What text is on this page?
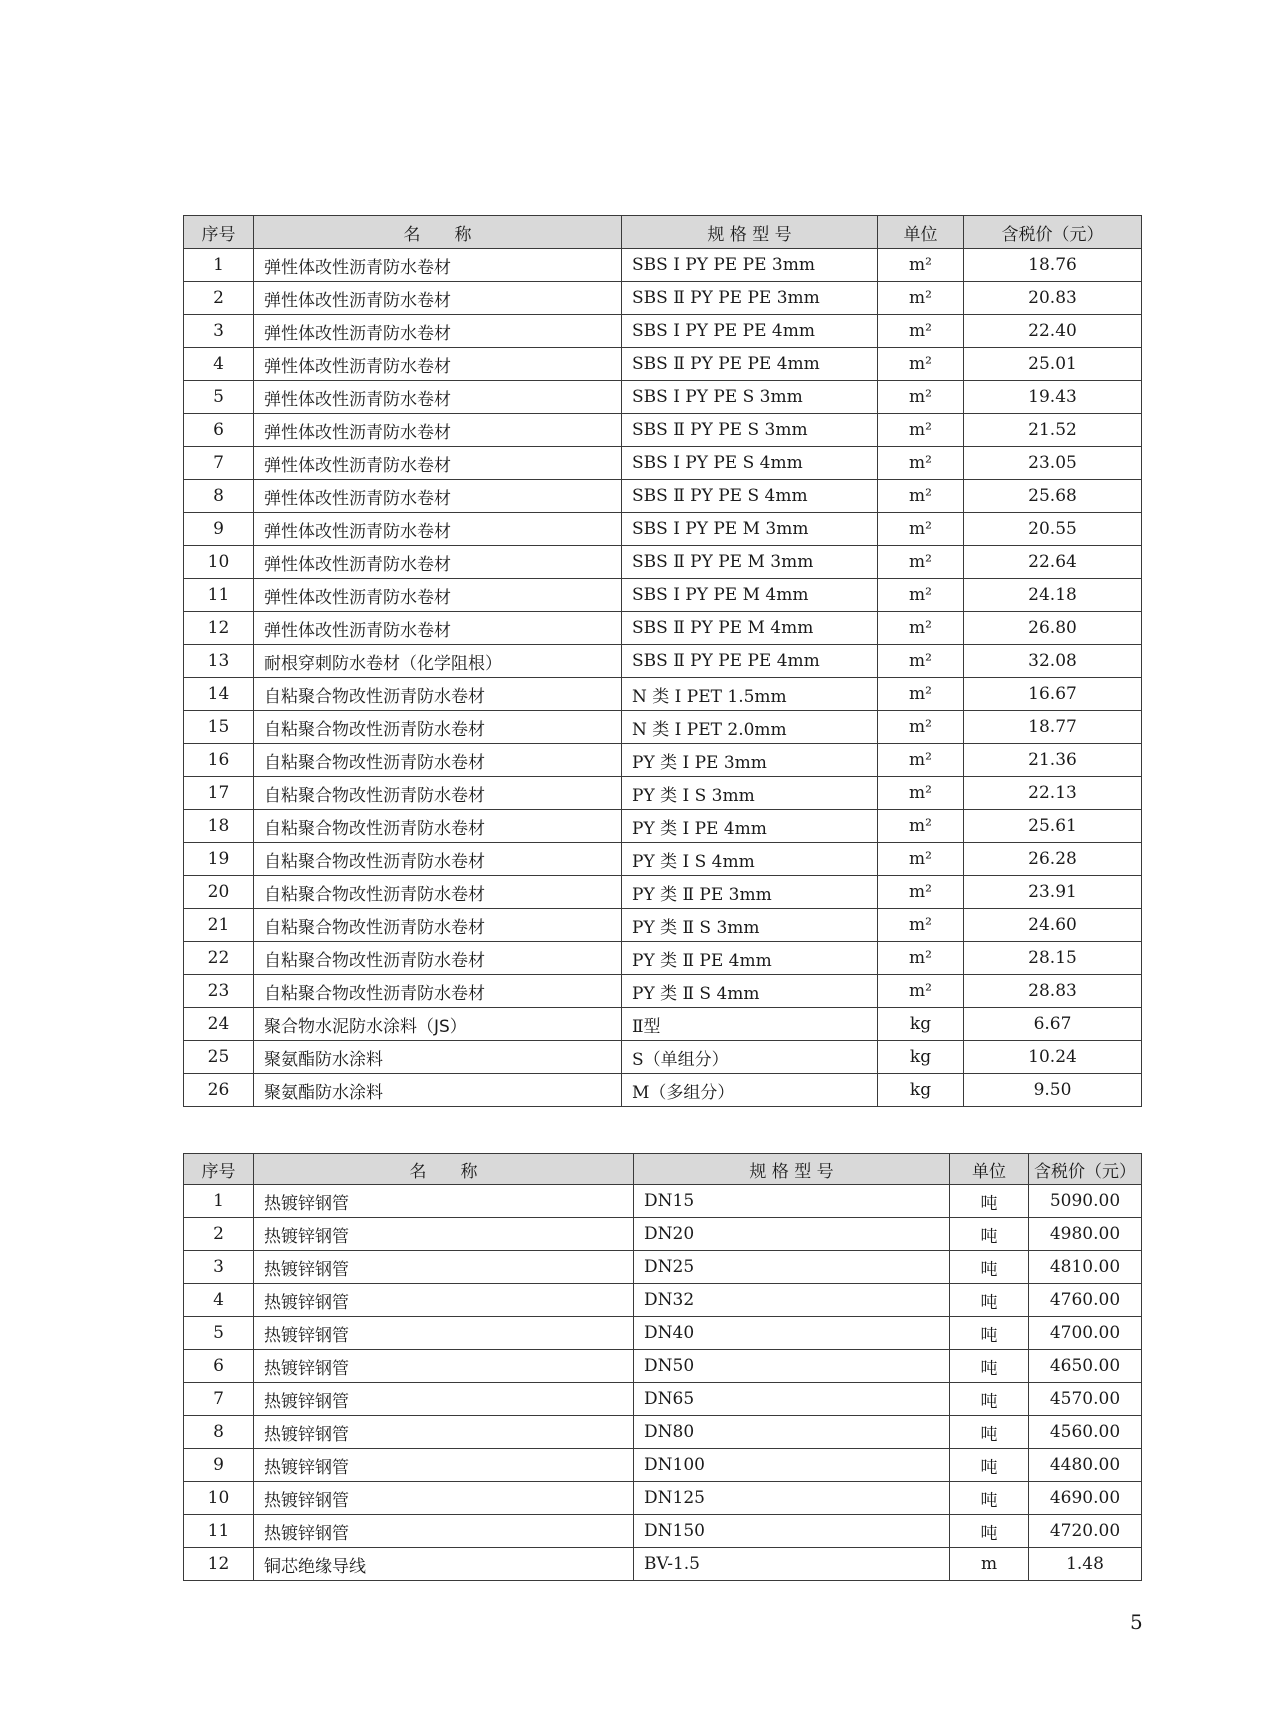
序号	名　　称	规 格 型 号	单位	含税价（元）
1	弹性体改性沥青防水卷材	SBS Ⅰ PY PE PE 3mm	m²	18.76
2	弹性体改性沥青防水卷材	SBS Ⅱ PY PE PE 3mm	m²	20.83
3	弹性体改性沥青防水卷材	SBS Ⅰ PY PE PE 4mm	m²	22.40
4	弹性体改性沥青防水卷材	SBS Ⅱ PY PE PE 4mm	m²	25.01
5	弹性体改性沥青防水卷材	SBS Ⅰ PY PE S 3mm	m²	19.43
6	弹性体改性沥青防水卷材	SBS Ⅱ PY PE S 3mm	m²	21.52
7	弹性体改性沥青防水卷材	SBS Ⅰ PY PE S 4mm	m²	23.05
8	弹性体改性沥青防水卷材	SBS Ⅱ PY PE S 4mm	m²	25.68
9	弹性体改性沥青防水卷材	SBS Ⅰ PY PE M 3mm	m²	20.55
10	弹性体改性沥青防水卷材	SBS Ⅱ PY PE M 3mm	m²	22.64
11	弹性体改性沥青防水卷材	SBS Ⅰ PY PE M 4mm	m²	24.18
12	弹性体改性沥青防水卷材	SBS Ⅱ PY PE M 4mm	m²	26.80
13	耐根穿刺防水卷材（化学阻根）	SBS Ⅱ PY PE PE 4mm	m²	32.08
14	自粘聚合物改性沥青防水卷材	N 类 Ⅰ PET 1.5mm	m²	16.67
15	自粘聚合物改性沥青防水卷材	N 类 Ⅰ PET 2.0mm	m²	18.77
16	自粘聚合物改性沥青防水卷材	PY 类 Ⅰ PE 3mm	m²	21.36
17	自粘聚合物改性沥青防水卷材	PY 类 Ⅰ S 3mm	m²	22.13
18	自粘聚合物改性沥青防水卷材	PY 类 Ⅰ PE 4mm	m²	25.61
19	自粘聚合物改性沥青防水卷材	PY 类 Ⅰ S 4mm	m²	26.28
20	自粘聚合物改性沥青防水卷材	PY 类 Ⅱ PE 3mm	m²	23.91
21	自粘聚合物改性沥青防水卷材	PY 类 Ⅱ S 3mm	m²	24.60
22	自粘聚合物改性沥青防水卷材	PY 类 Ⅱ PE 4mm	m²	28.15
23	自粘聚合物改性沥青防水卷材	PY 类 Ⅱ S 4mm	m²	28.83
24	聚合物水泥防水涂料（JS）	Ⅱ型	kg	6.67
25	聚氨酯防水涂料	S（单组分）	kg	10.24
26	聚氨酯防水涂料	M（多组分）	kg	9.50
序号	名　　称	规 格 型 号	单位	含税价（元）
1	热镀锌钢管	DN15	吨	5090.00
2	热镀锌钢管	DN20	吨	4980.00
3	热镀锌钢管	DN25	吨	4810.00
4	热镀锌钢管	DN32	吨	4760.00
5	热镀锌钢管	DN40	吨	4700.00
6	热镀锌钢管	DN50	吨	4650.00
7	热镀锌钢管	DN65	吨	4570.00
8	热镀锌钢管	DN80	吨	4560.00
9	热镀锌钢管	DN100	吨	4480.00
10	热镀锌钢管	DN125	吨	4690.00
11	热镀锌钢管	DN150	吨	4720.00
12	铜芯绝缘导线	BV-1.5	m	1.48
5
